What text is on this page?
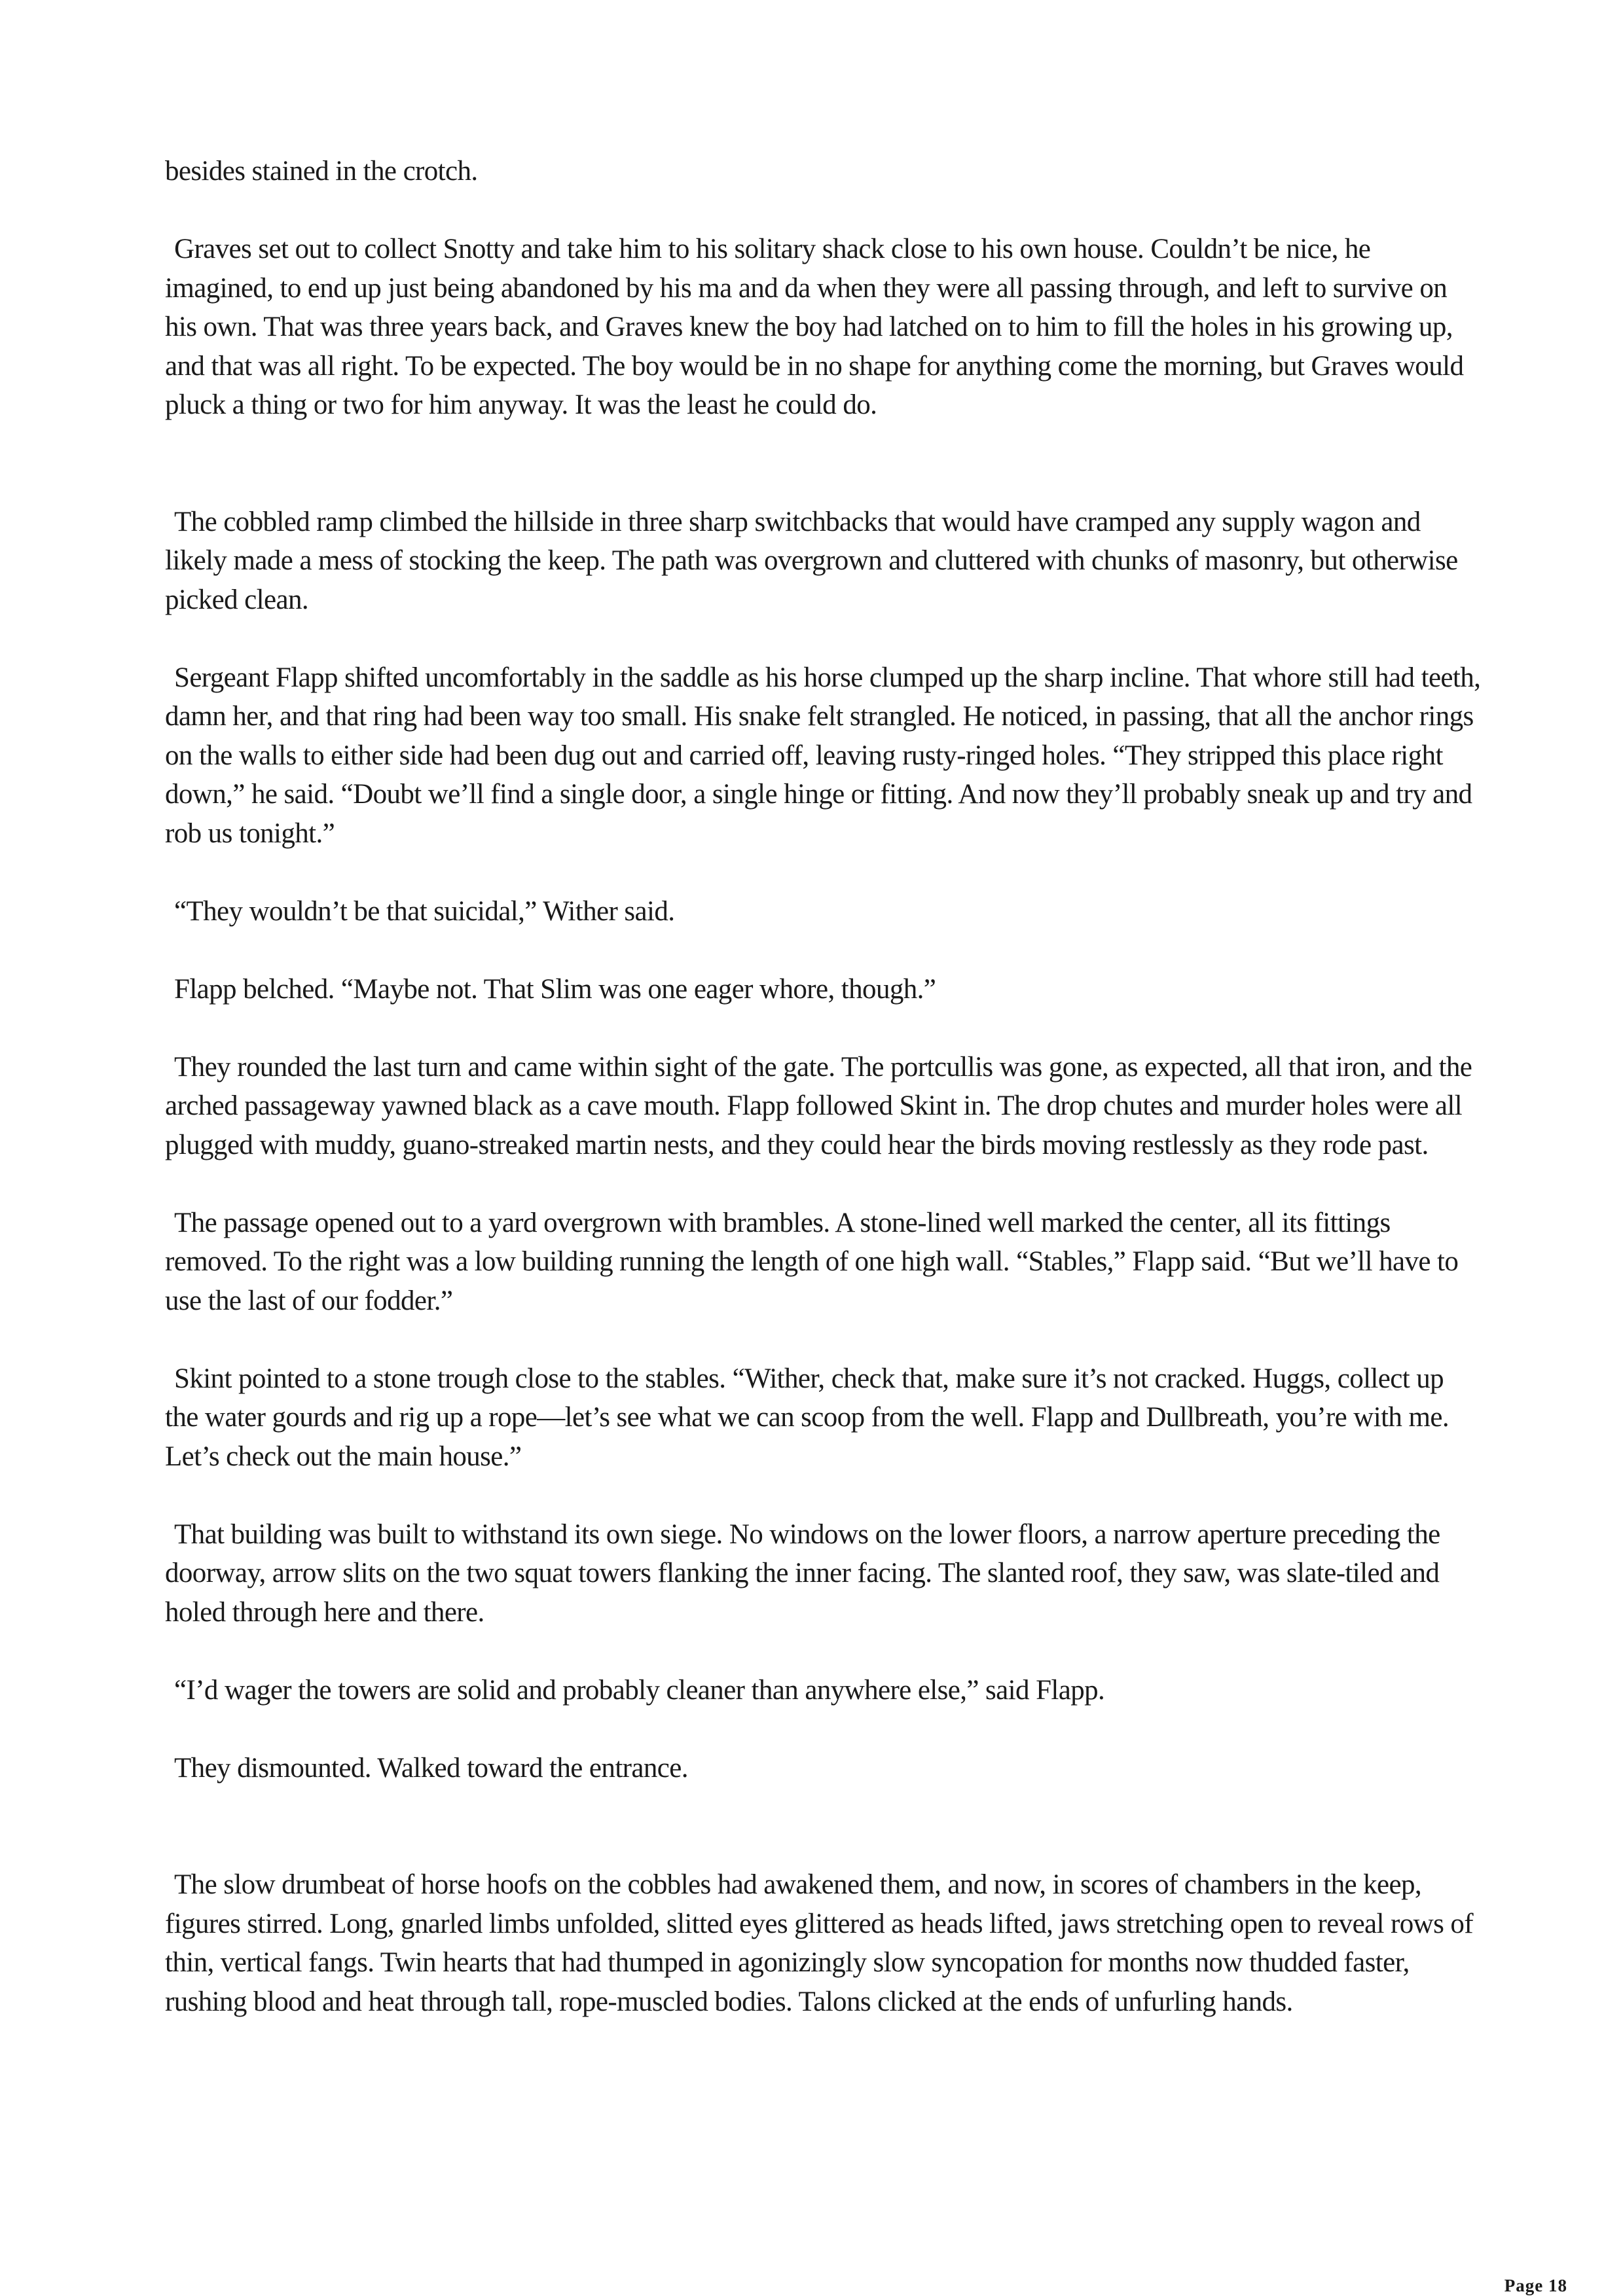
besides stained in the crotch.

Graves set out to collect Snotty and take him to his solitary shack close to his own house. Couldn’t be nice, he imagined, to end up just being abandoned by his ma and da when they were all passing through, and left to survive on his own. That was three years back, and Graves knew the boy had latched on to him to fill the holes in his growing up, and that was all right. To be expected. The boy would be in no shape for anything come the morning, but Graves would pluck a thing or two for him anyway. It was the least he could do.

The cobbled ramp climbed the hillside in three sharp switchbacks that would have cramped any supply wagon and likely made a mess of stocking the keep. The path was overgrown and cluttered with chunks of masonry, but otherwise picked clean.

Sergeant Flapp shifted uncomfortably in the saddle as his horse clumped up the sharp incline. That whore still had teeth, damn her, and that ring had been way too small. His snake felt strangled. He noticed, in passing, that all the anchor rings on the walls to either side had been dug out and carried off, leaving rusty-ringed holes. “They stripped this place right down,” he said. “Doubt we’ll find a single door, a single hinge or fitting. And now they’ll probably sneak up and try and rob us tonight.”

“They wouldn’t be that suicidal,” Wither said.

Flapp belched. “Maybe not. That Slim was one eager whore, though.”

They rounded the last turn and came within sight of the gate. The portcullis was gone, as expected, all that iron, and the arched passageway yawned black as a cave mouth. Flapp followed Skint in. The drop chutes and murder holes were all plugged with muddy, guano-streaked martin nests, and they could hear the birds moving restlessly as they rode past.

The passage opened out to a yard overgrown with brambles. A stone-lined well marked the center, all its fittings removed. To the right was a low building running the length of one high wall. “Stables,” Flapp said. “But we’ll have to use the last of our fodder.”

Skint pointed to a stone trough close to the stables. “Wither, check that, make sure it’s not cracked. Huggs, collect up the water gourds and rig up a rope—let’s see what we can scoop from the well. Flapp and Dullbreath, you’re with me. Let’s check out the main house.”

That building was built to withstand its own siege. No windows on the lower floors, a narrow aperture preceding the doorway, arrow slits on the two squat towers flanking the inner facing. The slanted roof, they saw, was slate-tiled and holed through here and there.

“I’d wager the towers are solid and probably cleaner than anywhere else,” said Flapp.

They dismounted. Walked toward the entrance.

The slow drumbeat of horse hoofs on the cobbles had awakened them, and now, in scores of chambers in the keep, figures stirred. Long, gnarled limbs unfolded, slitted eyes glittered as heads lifted, jaws stretching open to reveal rows of thin, vertical fangs. Twin hearts that had thumped in agonizingly slow syncopation for months now thudded faster, rushing blood and heat through tall, rope-muscled bodies. Talons clicked at the ends of unfurling hands.

Page 18
